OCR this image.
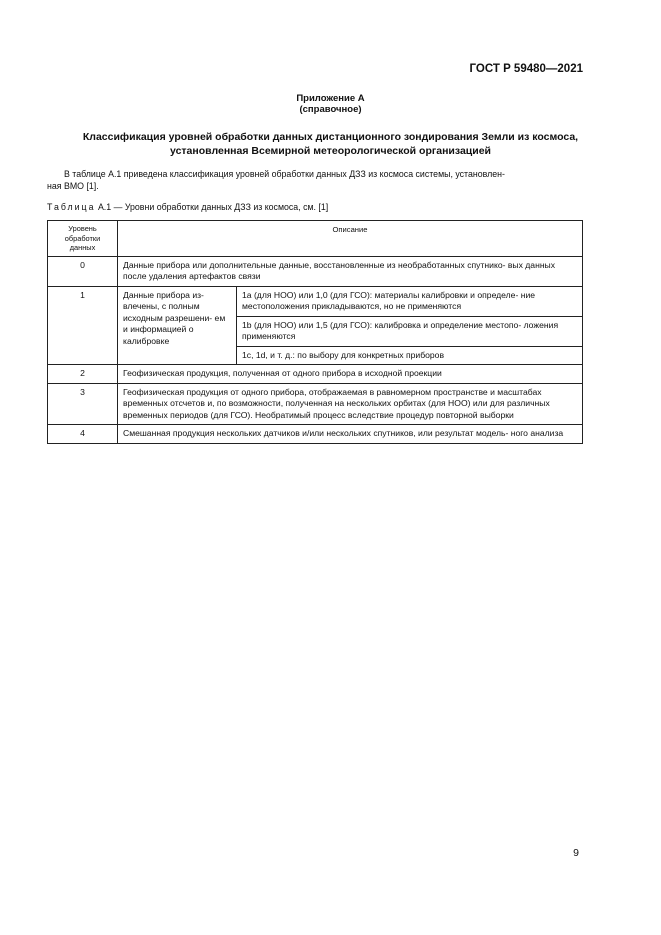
ГОСТ Р 59480—2021
Приложение А
(справочное)
Классификация уровней обработки данных дистанционного зондирования Земли из космоса,
установленная Всемирной метеорологической организацией
В таблице А.1 приведена классификация уровней обработки данных ДЗЗ из космоса системы, установлен-
ная ВМО [1].
Таблица А.1 — Уровни обработки данных ДЗЗ из космоса, см. [1]
Уровень
обработки
данных	Описание	
0	Данные прибора или дополнительные данные, восстановленные из необработанных спутнико- вых данных после удаления артефактов связи	
1	Данные прибора из- влечены, с полным исходным разрешени- ем и информацией о калибровке	1а (для НОО) или 1,0 (для ГСО): материалы калибровки и определе- ние местоположения прикладываются, но не применяются
		1b (для НОО) или 1,5 (для ГСО): калибровка и определение местопо- ложения применяются
		1с, 1d, и т. д.: по выбору для конкретных приборов
2	Геофизическая продукция, полученная от одного прибора в исходной проекции	
3	Геофизическая продукция от одного прибора, отображаемая в равномерном пространстве и масштабах временных отсчетов и, по возможности, полученная на нескольких орбитах (для НОО) или для различных временных периодов (для ГСО). Необратимый процесс вследствие процедур повторной выборки	
4	Смешанная продукция нескольких датчиков и/или нескольких спутников, или результат модель- ного анализа	
9
